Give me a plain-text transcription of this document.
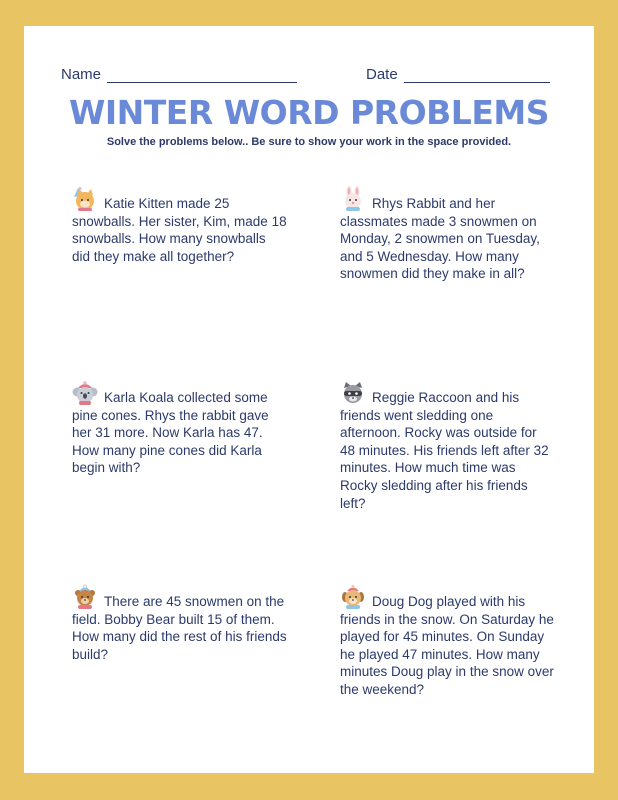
Name	Date
WINTER WORD PROBLEMS
Solve the problems below.. Be sure to show your work in the space provided.
Katie Kitten made 25 snowballs. Her sister, Kim, made 18 snowballs. How many snowballs did they make all together?
Rhys Rabbit and her classmates made 3 snowmen on Monday, 2 snowmen on Tuesday, and 5 Wednesday. How many snowmen did they make in all?
Karla Koala collected some pine cones. Rhys the rabbit gave her 31 more. Now Karla has 47. How many pine cones did Karla begin with?
Reggie Raccoon and his friends went sledding one afternoon. Rocky was outside for 48 minutes. His friends left after 32 minutes. How much time was Rocky sledding after his friends left?
There are 45 snowmen on the field. Bobby Bear built 15 of them. How many did the rest of his friends build?
Doug Dog played with his friends in the snow. On Saturday he played for 45 minutes. On Sunday he played 47 minutes. How many minutes Doug play in the snow over the weekend?
